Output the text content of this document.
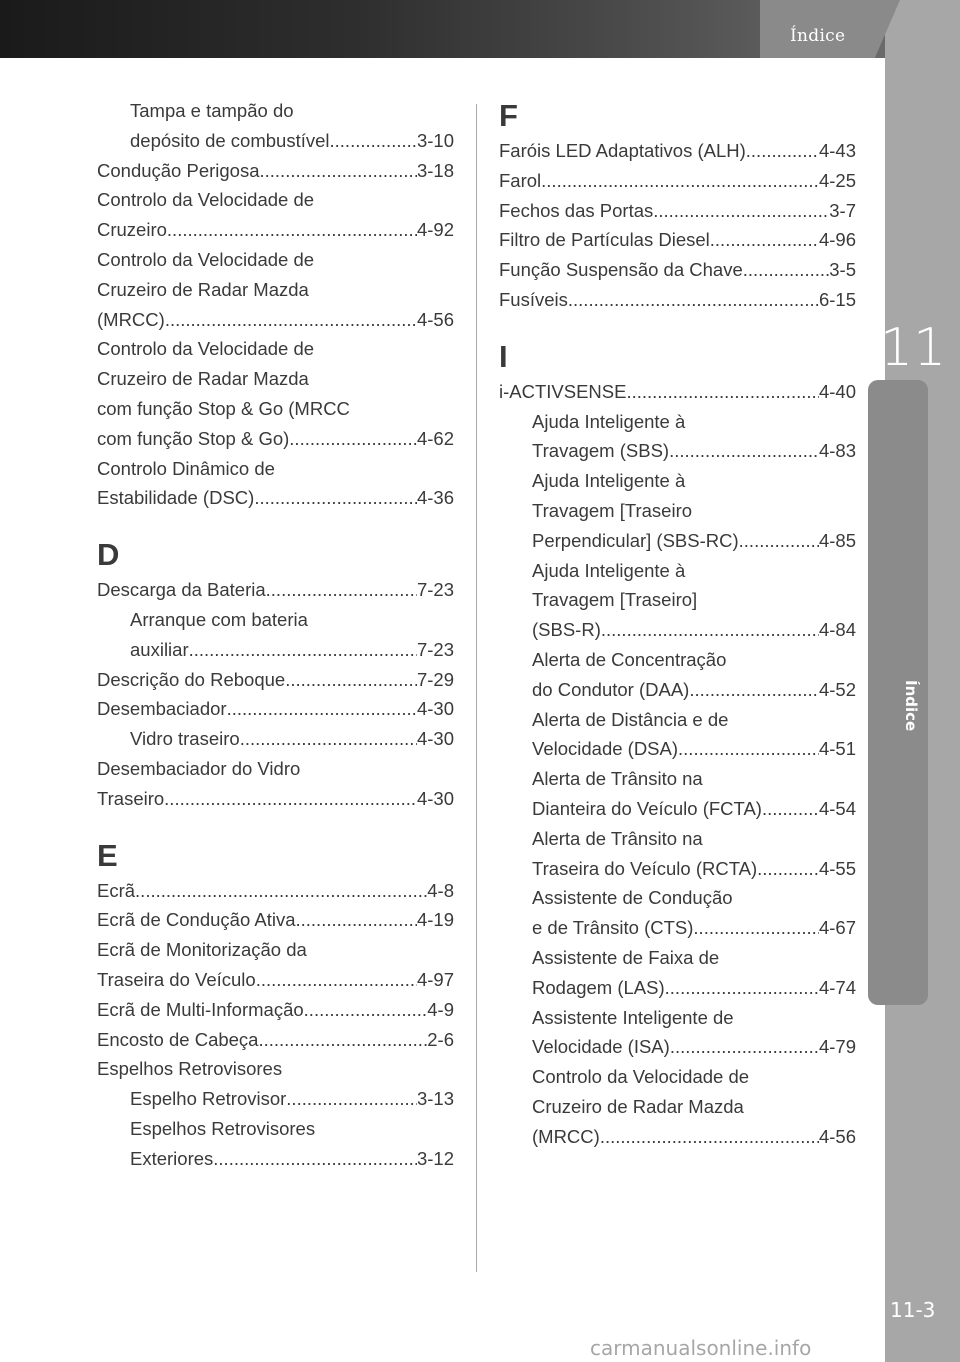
11
Índice
Índice
Tampa e tampão do
depósito de combustível .....	3-10
Condução Perigosa .....	3-18
Controlo da Velocidade de
Cruzeiro .....	4-92
Controlo da Velocidade de
Cruzeiro de Radar Mazda
(MRCC) .....	4-56
Controlo da Velocidade de
Cruzeiro de Radar Mazda
com função Stop & Go (MRCC
com função Stop & Go) .....	4-62
Controlo Dinâmico de
Estabilidade (DSC) .....	4-36
D
Descarga da Bateria .....	7-23
Arranque com bateria
auxiliar .....	7-23
Descrição do Reboque .....	7-29
Desembaciador .....	4-30
Vidro traseiro .....	4-30
Desembaciador do Vidro
Traseiro .....	4-30
E
Ecrã .....	4-8
Ecrã de Condução Ativa .....	4-19
Ecrã de Monitorização da
Traseira do Veículo .....	4-97
Ecrã de Multi-Informação .....	4-9
Encosto de Cabeça .....	2-6
Espelhos Retrovisores
Espelho Retrovisor .....	3-13
Espelhos Retrovisores
Exteriores .....	3-12
F
Faróis LED Adaptativos (ALH) .....	4-43
Farol .....	4-25
Fechos das Portas .....	3-7
Filtro de Partículas Diesel .....	4-96
Função Suspensão da Chave .....	3-5
Fusíveis .....	6-15
I
i-ACTIVSENSE .....	4-40
Ajuda Inteligente à
Travagem (SBS) .....	4-83
Ajuda Inteligente à
Travagem [Traseiro
Perpendicular] (SBS-RC) .....	4-85
Ajuda Inteligente à
Travagem [Traseiro]
(SBS-R) .....	4-84
Alerta de Concentração
do Condutor (DAA) .....	4-52
Alerta de Distância e de
Velocidade (DSA) .....	4-51
Alerta de Trânsito na
Dianteira do Veículo (FCTA) .....	4-54
Alerta de Trânsito na
Traseira do Veículo (RCTA) .....	4-55
Assistente de Condução
e de Trânsito (CTS) .....	4-67
Assistente de Faixa de
Rodagem (LAS) .....	4-74
Assistente Inteligente de
Velocidade (ISA) .....	4-79
Controlo da Velocidade de
Cruzeiro de Radar Mazda
(MRCC) .....	4-56
11-3
carmanualsonline.info
